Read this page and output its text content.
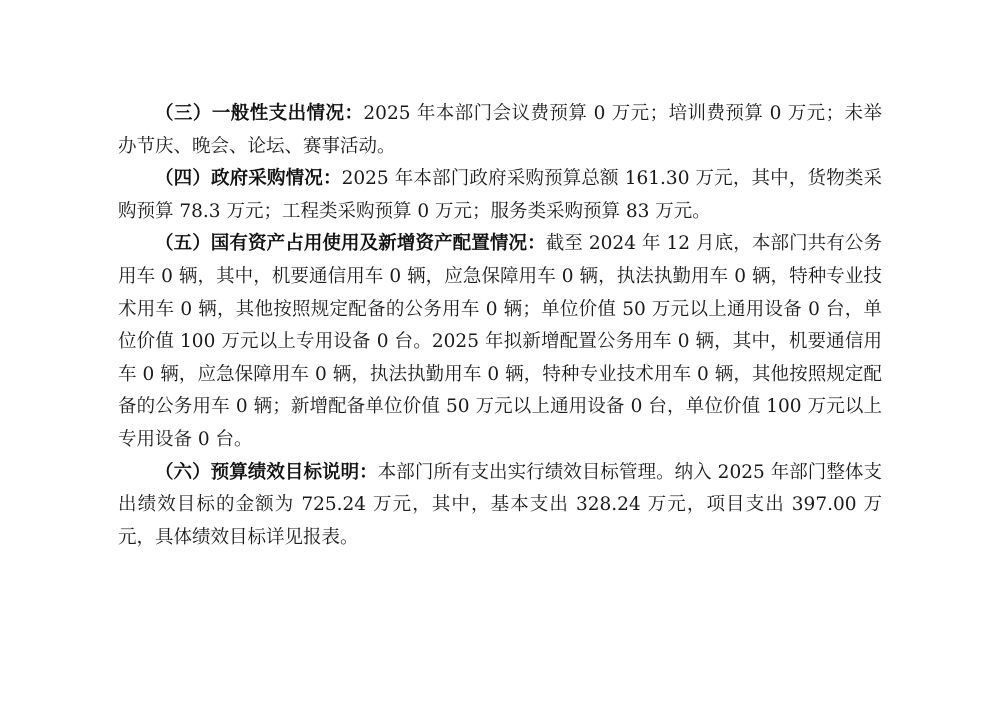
（三）一般性支出情况：2025 年本部门会议费预算 0 万元；培训费预算 0 万元；未举办节庆、晚会、论坛、赛事活动。

（四）政府采购情况：2025 年本部门政府采购预算总额 161.30 万元，其中，货物类采购预算 78.3 万元；工程类采购预算 0 万元；服务类采购预算 83 万元。

（五）国有资产占用使用及新增资产配置情况：截至 2024 年 12 月底，本部门共有公务用车 0 辆，其中，机要通信用车 0 辆，应急保障用车 0 辆，执法执勤用车 0 辆，特种专业技术用车 0 辆，其他按照规定配备的公务用车 0 辆；单位价值 50 万元以上通用设备 0 台，单位价值 100 万元以上专用设备 0 台。2025 年拟新增配置公务用车 0 辆，其中，机要通信用车 0 辆，应急保障用车 0 辆，执法执勤用车 0 辆，特种专业技术用车 0 辆，其他按照规定配备的公务用车 0 辆；新增配备单位价值 50 万元以上通用设备 0 台，单位价值 100 万元以上专用设备 0 台。

（六）预算绩效目标说明：本部门所有支出实行绩效目标管理。纳入 2025 年部门整体支出绩效目标的金额为 725.24 万元，其中，基本支出 328.24 万元，项目支出 397.00 万元，具体绩效目标详见报表。
